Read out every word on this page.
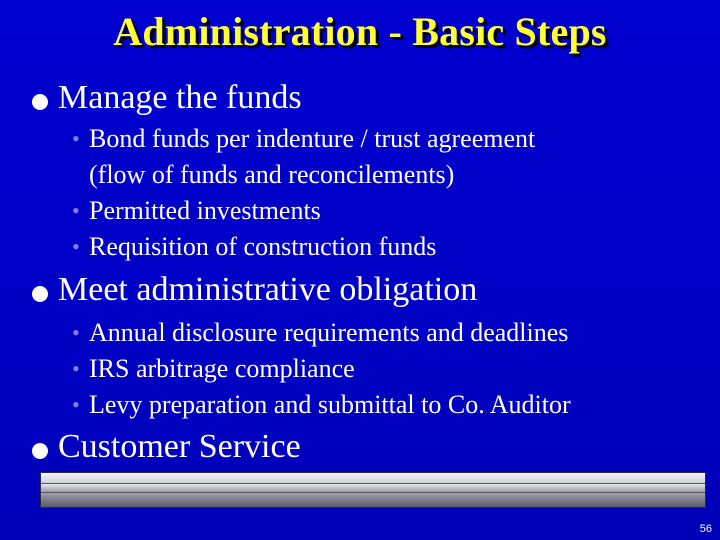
Administration - Basic Steps
Manage the funds
• Bond funds per indenture / trust agreement
(flow of funds and reconcilements)
• Permitted investments
• Requisition of construction funds
Meet administrative obligation
• Annual disclosure requirements and deadlines
• IRS arbitrage compliance
• Levy preparation and submittal to Co. Auditor
Customer Service
56
